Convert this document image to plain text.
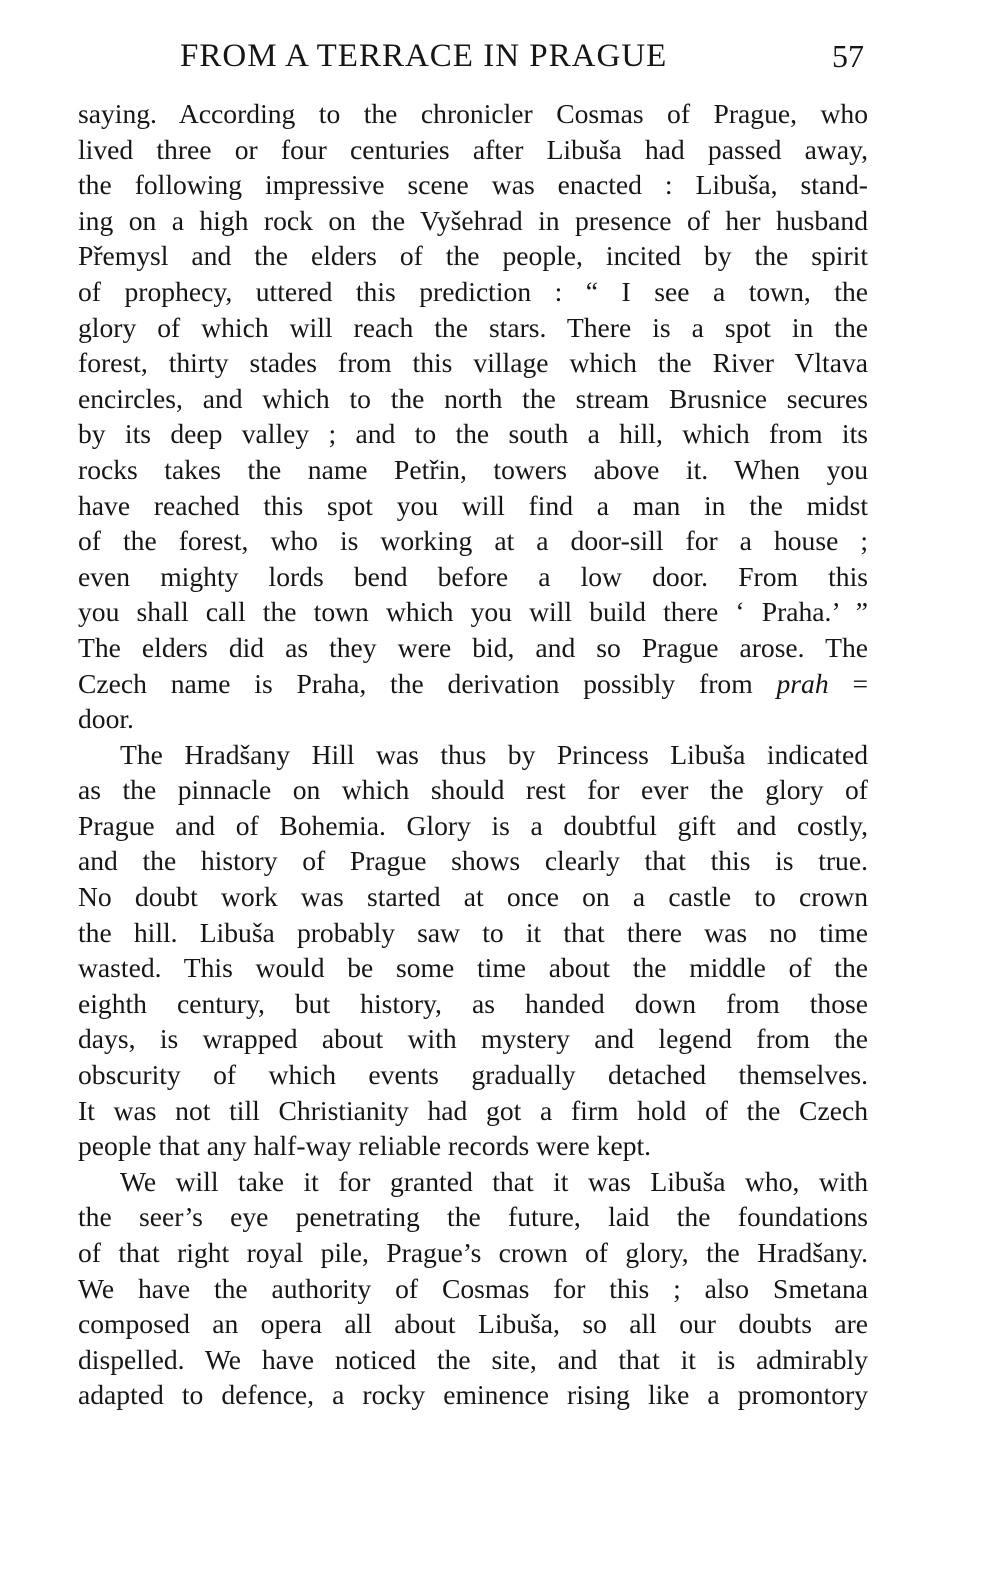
FROM A TERRACE IN PRAGUE	57
saying. According to the chronicler Cosmas of Prague, who
lived three or four centuries after Libuša had passed away,
the following impressive scene was enacted : Libuša, stand-
ing on a high rock on the Vyšehrad in presence of her husband
Přemysl and the elders of the people, incited by the spirit
of prophecy, uttered this prediction : “ I see a town, the
glory of which will reach the stars. There is a spot in the
forest, thirty stades from this village which the River Vltava
encircles, and which to the north the stream Brusnice secures
by its deep valley ; and to the south a hill, which from its
rocks takes the name Petřin, towers above it. When you
have reached this spot you will find a man in the midst
of the forest, who is working at a door-sill for a house ;
even mighty lords bend before a low door. From this
you shall call the town which you will build there ‘ Praha.’ ”
The elders did as they were bid, and so Prague arose. The
Czech name is Praha, the derivation possibly from prah =
door.
The Hradšany Hill was thus by Princess Libuša indicated
as the pinnacle on which should rest for ever the glory of
Prague and of Bohemia. Glory is a doubtful gift and costly,
and the history of Prague shows clearly that this is true.
No doubt work was started at once on a castle to crown
the hill. Libuša probably saw to it that there was no time
wasted. This would be some time about the middle of the
eighth century, but history, as handed down from those
days, is wrapped about with mystery and legend from the
obscurity of which events gradually detached themselves.
It was not till Christianity had got a firm hold of the Czech
people that any half-way reliable records were kept.
We will take it for granted that it was Libuša who, with
the seer’s eye penetrating the future, laid the foundations
of that right royal pile, Prague’s crown of glory, the Hradšany.
We have the authority of Cosmas for this ; also Smetana
composed an opera all about Libuša, so all our doubts are
dispelled. We have noticed the site, and that it is admirably
adapted to defence, a rocky eminence rising like a promontory
